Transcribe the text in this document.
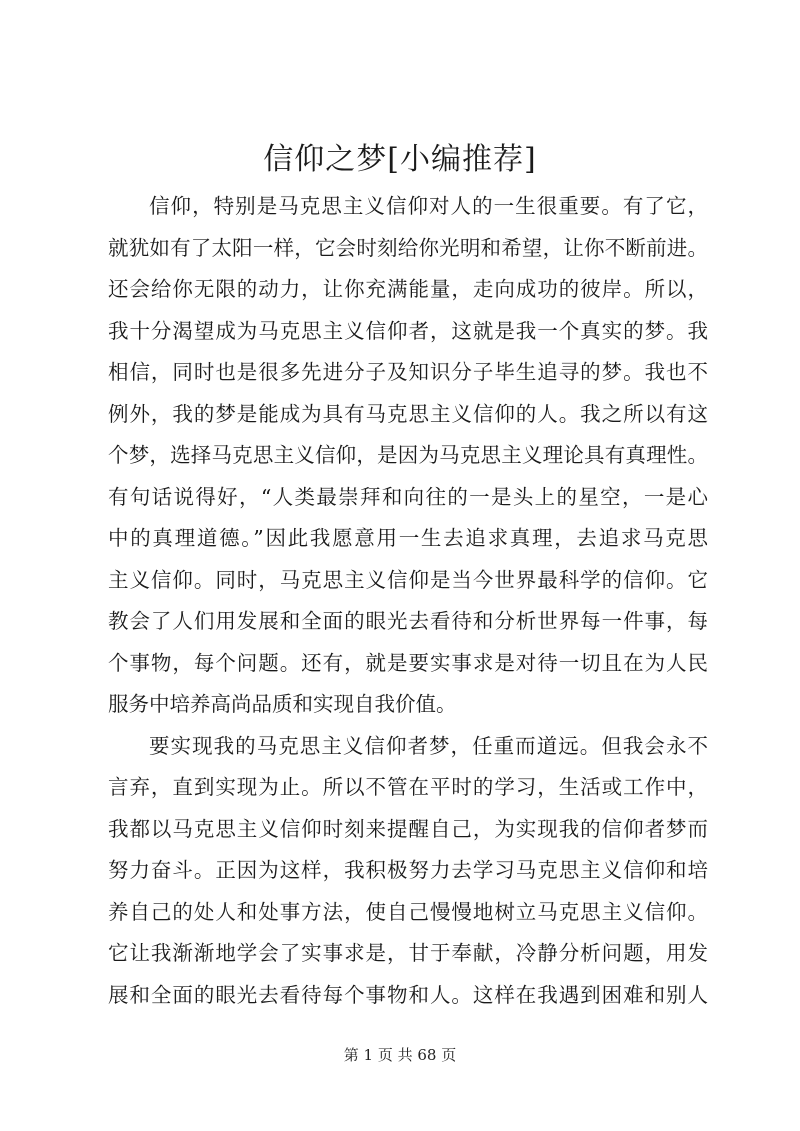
信仰之梦[小编推荐]
信仰，特别是马克思主义信仰对人的一生很重要。有了它，
就犹如有了太阳一样，它会时刻给你光明和希望，让你不断前进。
还会给你无限的动力，让你充满能量，走向成功的彼岸。所以，
我十分渴望成为马克思主义信仰者，这就是我一个真实的梦。我
相信，同时也是很多先进分子及知识分子毕生追寻的梦。我也不
例外，我的梦是能成为具有马克思主义信仰的人。我之所以有这
个梦，选择马克思主义信仰，是因为马克思主义理论具有真理性。
有句话说得好，“人类最崇拜和向往的一是头上的星空，一是心
中的真理道德。”因此我愿意用一生去追求真理，去追求马克思
主义信仰。同时，马克思主义信仰是当今世界最科学的信仰。它
教会了人们用发展和全面的眼光去看待和分析世界每一件事，每
个事物，每个问题。还有，就是要实事求是对待一切且在为人民
服务中培养高尚品质和实现自我价值。
要实现我的马克思主义信仰者梦，任重而道远。但我会永不
言弃，直到实现为止。所以不管在平时的学习，生活或工作中，
我都以马克思主义信仰时刻来提醒自己，为实现我的信仰者梦而
努力奋斗。正因为这样，我积极努力去学习马克思主义信仰和培
养自己的处人和处事方法，使自己慢慢地树立马克思主义信仰。
它让我渐渐地学会了实事求是，甘于奉献，冷静分析问题，用发
展和全面的眼光去看待每个事物和人。这样在我遇到困难和别人
第 1 页 共 68 页
